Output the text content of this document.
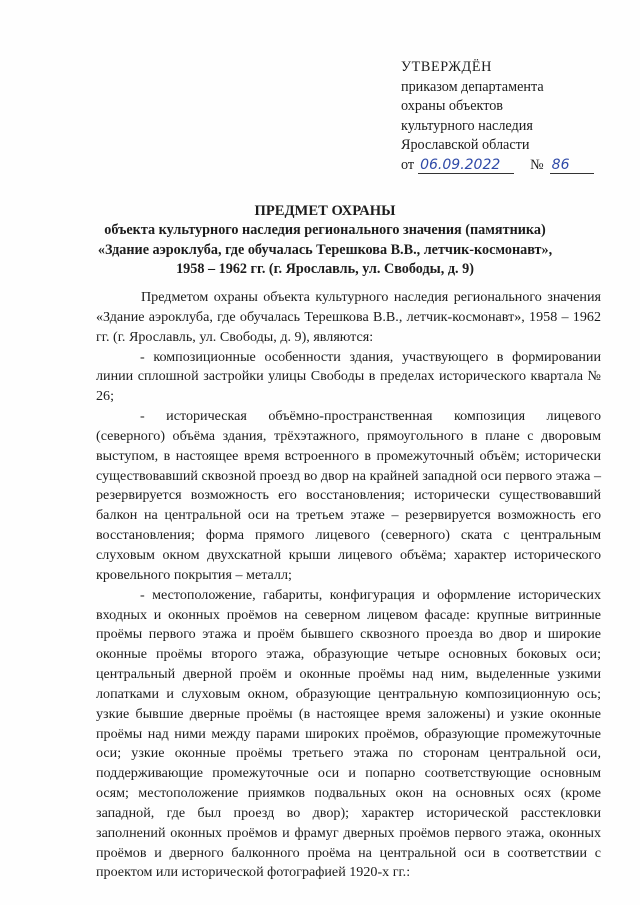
УТВЕРЖДЁН
приказом департамента
охраны объектов
культурного наследия
Ярославской области
от 06.09.2022	№ 86
ПРЕДМЕТ ОХРАНЫ
объекта культурного наследия регионального значения (памятника)
«Здание аэроклуба, где обучалась Терешкова В.В., летчик-космонавт»,
1958 – 1962 гг. (г. Ярославль, ул. Свободы, д. 9)

Предметом охраны объекта культурного наследия регионального значения «Здание аэроклуба, где обучалась Терешкова В.В., летчик-космонавт», 1958 – 1962 гг. (г. Ярославль, ул. Свободы, д. 9), являются:

- композиционные особенности здания, участвующего в формировании линии сплошной застройки улицы Свободы в пределах исторического квартала № 26;

- историческая объёмно-пространственная композиция лицевого (северного) объёма здания, трёхэтажного, прямоугольного в плане с дворовым выступом, в настоящее время встроенного в промежуточный объём; исторически существовавший сквозной проезд во двор на крайней западной оси первого этажа – резервируется возможность его восстановления; исторически существовавший балкон на центральной оси на третьем этаже – резервируется возможность его восстановления; форма прямого лицевого (северного) ската с центральным слуховым окном двухскатной крыши лицевого объёма; характер исторического кровельного покрытия – металл;

- местоположение, габариты, конфигурация и оформление исторических входных и оконных проёмов на северном лицевом фасаде: крупные витринные проёмы первого этажа и проём бывшего сквозного проезда во двор и широкие оконные проёмы второго этажа, образующие четыре основных боковых оси; центральный дверной проём и оконные проёмы над ним, выделенные узкими лопатками и слуховым окном, образующие центральную композиционную ось; узкие бывшие дверные проёмы (в настоящее время заложены) и узкие оконные проёмы над ними между парами широких проёмов, образующие промежуточные оси; узкие оконные проёмы третьего этажа по сторонам центральной оси, поддерживающие промежуточные оси и попарно соответствующие основным осям; местоположение приямков подвальных окон на основных осях (кроме западной, где был проезд во двор); характер исторической расстекловки заполнений оконных проёмов и фрамуг дверных проёмов первого этажа, оконных проёмов и дверного балконного проёма на центральной оси в соответствии с проектом или исторической фотографией 1920-х гг.:
